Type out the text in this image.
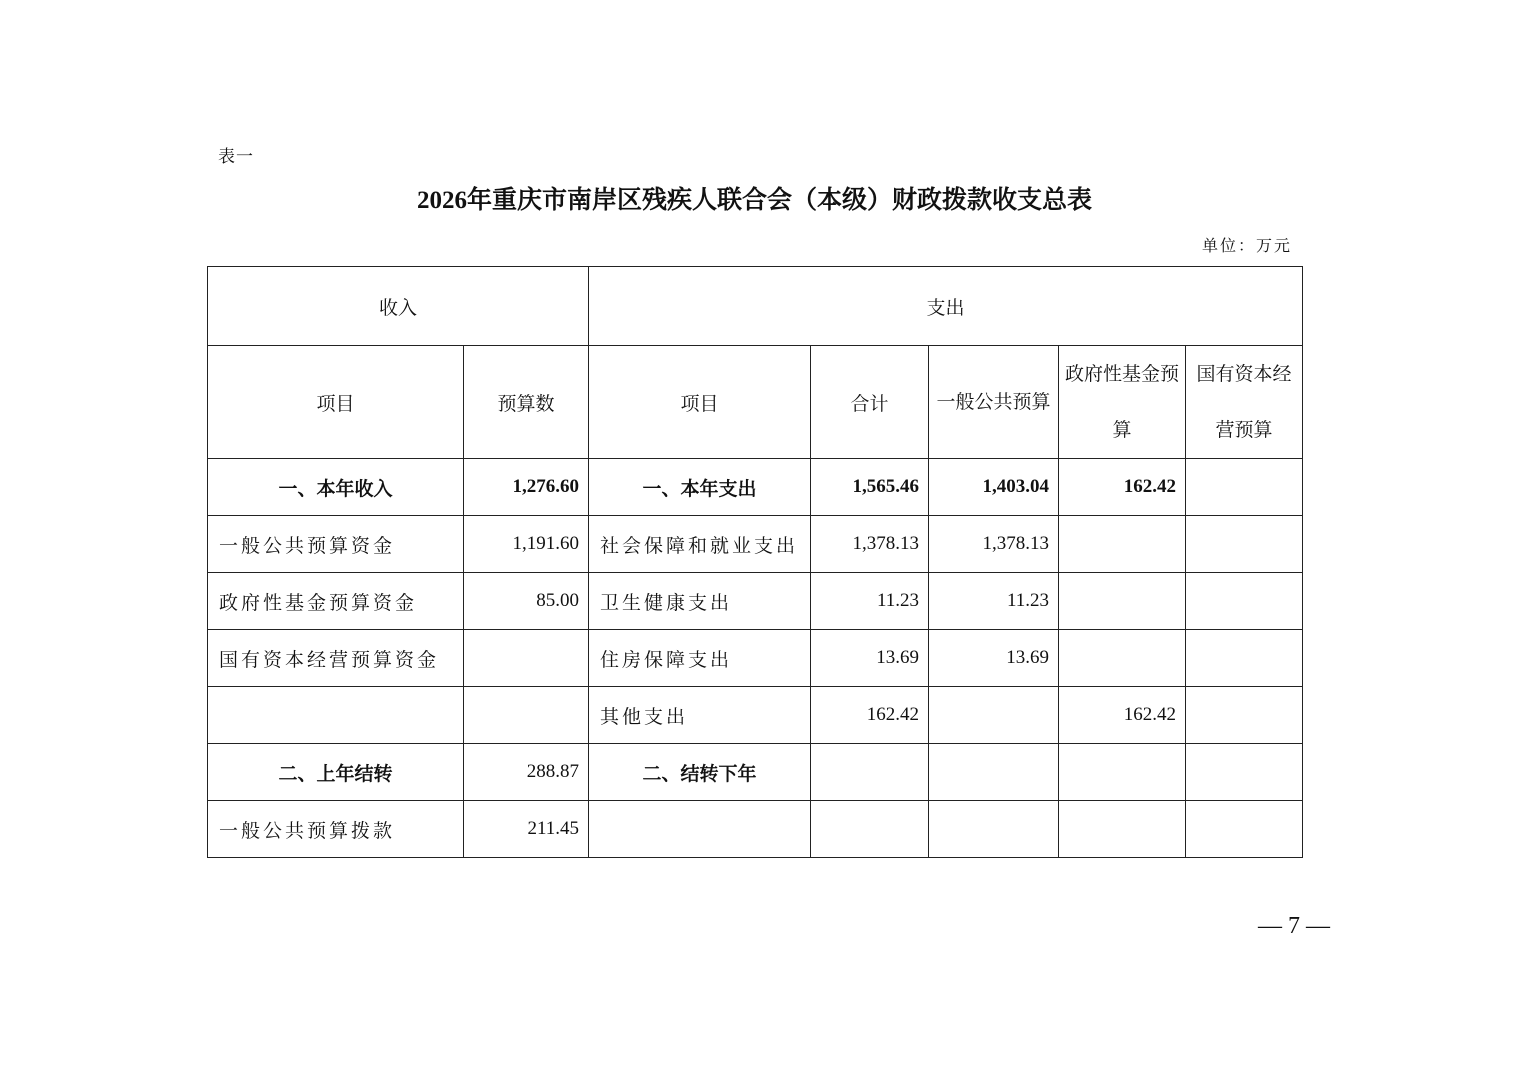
表一
2026年重庆市南岸区残疾人联合会（本级）财政拨款收支总表
单位：万元
收入		支出				
项目	预算数	项目	合计	一般公共预算	政府性基金预算	国有资本经营预算
一、本年收入	1,276.60	一、本年支出	1,565.46	1,403.04	162.42	
一般公共预算资金	1,191.60	社会保障和就业支出	1,378.13	1,378.13		
政府性基金预算资金	85.00	卫生健康支出	11.23	11.23		
国有资本经营预算资金		住房保障支出	13.69	13.69		
		其他支出	162.42		162.42	
二、上年结转	288.87	二、结转下年				
一般公共预算拨款	211.45					
— 7 —
